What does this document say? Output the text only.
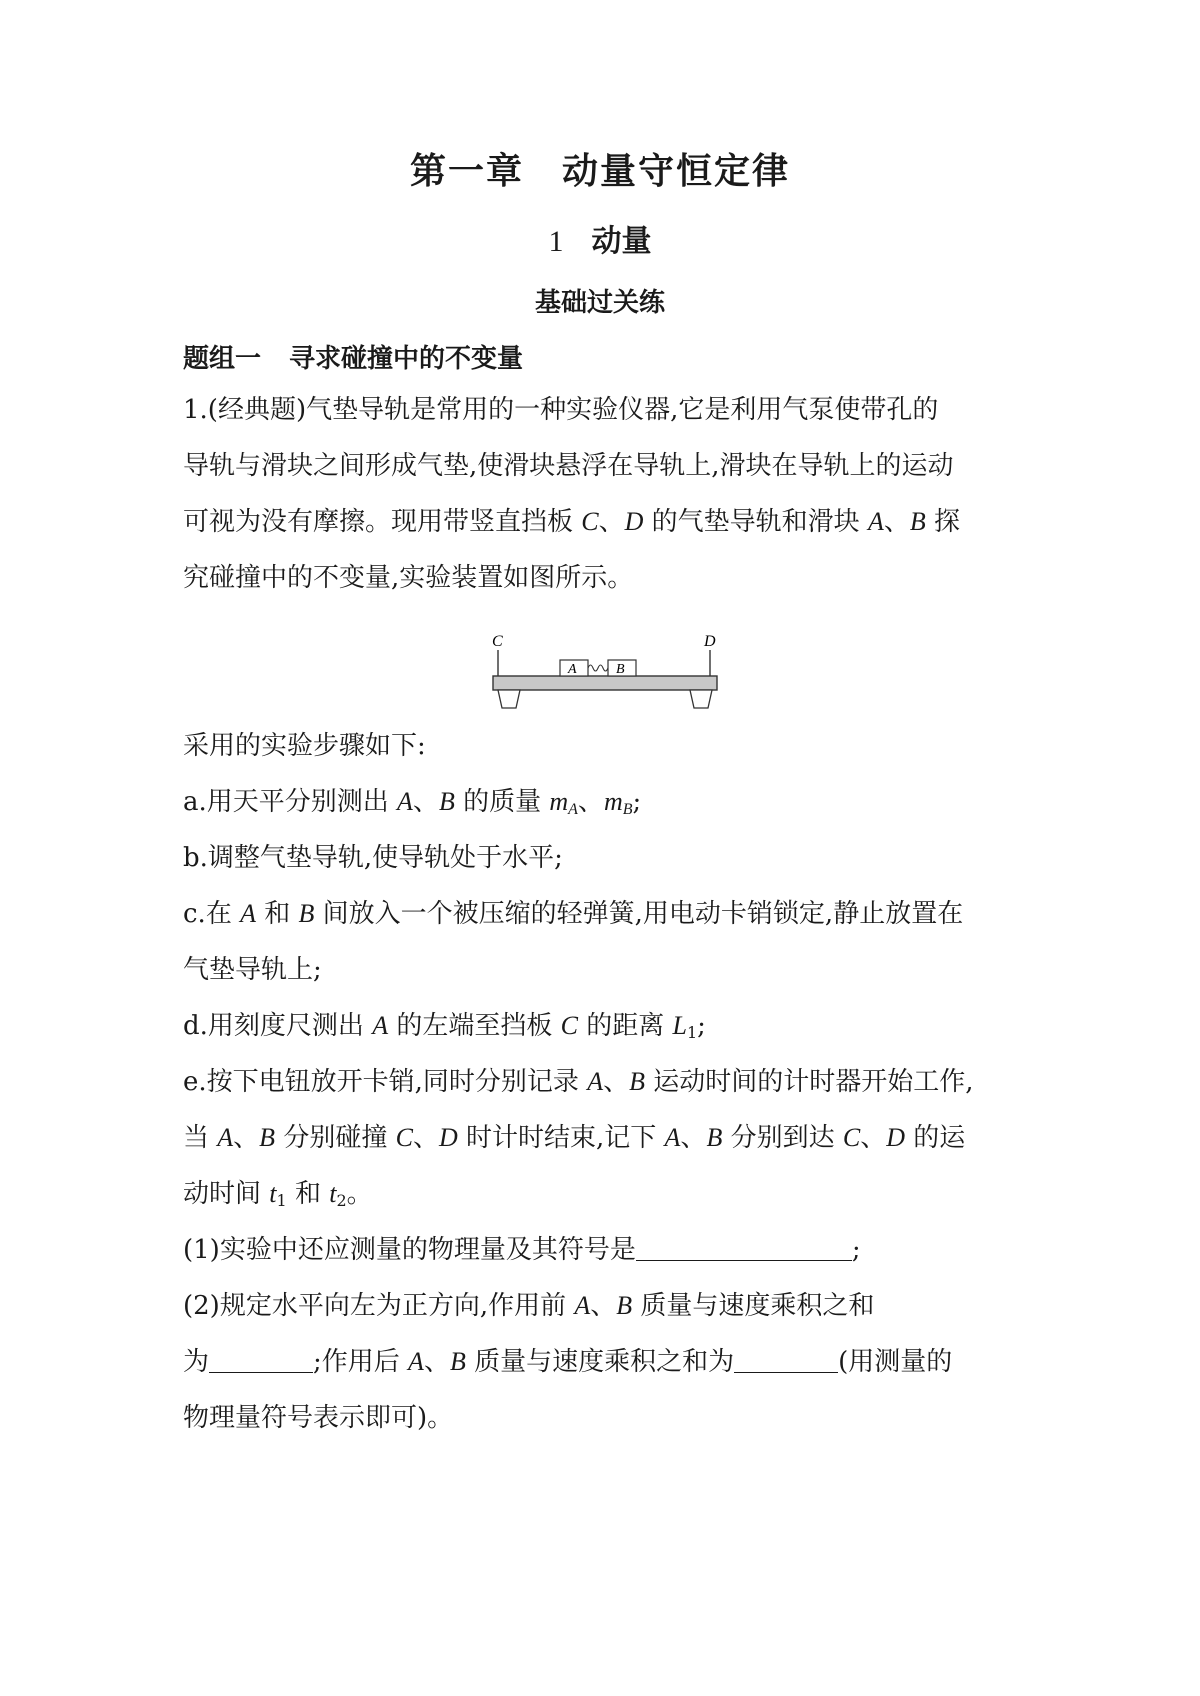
第一章　动量守恒定律
1 动量
基础过关练
题组一 寻求碰撞中的不变量
1.(经典题)气垫导轨是常用的一种实验仪器,它是利用气泵使带孔的
导轨与滑块之间形成气垫,使滑块悬浮在导轨上,滑块在导轨上的运动
可视为没有摩擦。现用带竖直挡板 C、D 的气垫导轨和滑块 A、B 探
究碰撞中的不变量,实验装置如图所示。
C	D
A	B
采用的实验步骤如下:
a.用天平分别测出 A、B 的质量 $m_A$、$m_B$;
b.调整气垫导轨,使导轨处于水平;
c.在 A 和 B 间放入一个被压缩的轻弹簧,用电动卡销锁定,静止放置在
气垫导轨上;
d.用刻度尺测出 A 的左端至挡板 C 的距离 $L_1$;
e.按下电钮放开卡销,同时分别记录 A、B 运动时间的计时器开始工作,
当 A、B 分别碰撞 C、D 时计时结束,记下 A、B 分别到达 C、D 的运
动时间 $t_1$ 和 $t_2$。
(1)实验中还应测量的物理量及其符号是	;
(2)规定水平向左为正方向,作用前 A、B 质量与速度乘积之和
为	;作用后 A、B 质量与速度乘积之和为	(用测量的
物理量符号表示即可)。
